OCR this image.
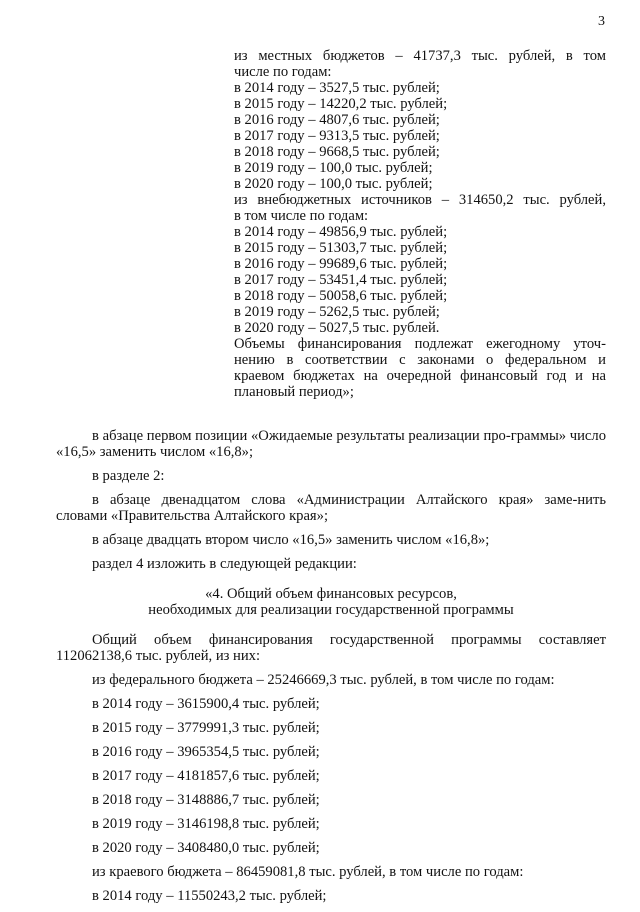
3
из местных бюджетов – 41737,3 тыс. рублей, в том
числе по годам:
в 2014 году – 3527,5 тыс. рублей;
в 2015 году – 14220,2 тыс. рублей;
в 2016 году – 4807,6 тыс. рублей;
в 2017 году – 9313,5 тыс. рублей;
в 2018 году – 9668,5 тыс. рублей;
в 2019 году – 100,0 тыс. рублей;
в 2020 году – 100,0 тыс. рублей;
из внебюджетных источников – 314650,2 тыс. рублей,
в том числе по годам:
в 2014 году – 49856,9 тыс. рублей;
в 2015 году – 51303,7 тыс. рублей;
в 2016 году – 99689,6 тыс. рублей;
в 2017 году – 53451,4 тыс. рублей;
в 2018 году – 50058,6 тыс. рублей;
в 2019 году – 5262,5 тыс. рублей;
в 2020 году – 5027,5 тыс. рублей.
Объемы финансирования подлежат ежегодному уточ-
нению в соответствии с законами о федеральном и
краевом бюджетах на очередной финансовый год и на
плановый период»;

в абзаце первом позиции «Ожидаемые результаты реализации про-граммы» число «16,5» заменить числом «16,8»;

в разделе 2:

в абзаце двенадцатом слова «Администрации Алтайского края» заме-нить словами «Правительства Алтайского края»;

в абзаце двадцать втором число «16,5» заменить числом «16,8»;

раздел 4 изложить в следующей редакции:

«4. Общий объем финансовых ресурсов,
необходимых для реализации государственной программы

Общий объем финансирования государственной программы составляет 112062138,6 тыс. рублей, из них:

из федерального бюджета – 25246669,3 тыс. рублей, в том числе по годам:

в 2014 году – 3615900,4 тыс. рублей;
в 2015 году – 3779991,3 тыс. рублей;
в 2016 году – 3965354,5 тыс. рублей;
в 2017 году – 4181857,6 тыс. рублей;
в 2018 году – 3148886,7 тыс. рублей;
в 2019 году – 3146198,8 тыс. рублей;
в 2020 году – 3408480,0 тыс. рублей;
из краевого бюджета – 86459081,8 тыс. рублей, в том числе по годам:
в 2014 году – 11550243,2 тыс. рублей;
